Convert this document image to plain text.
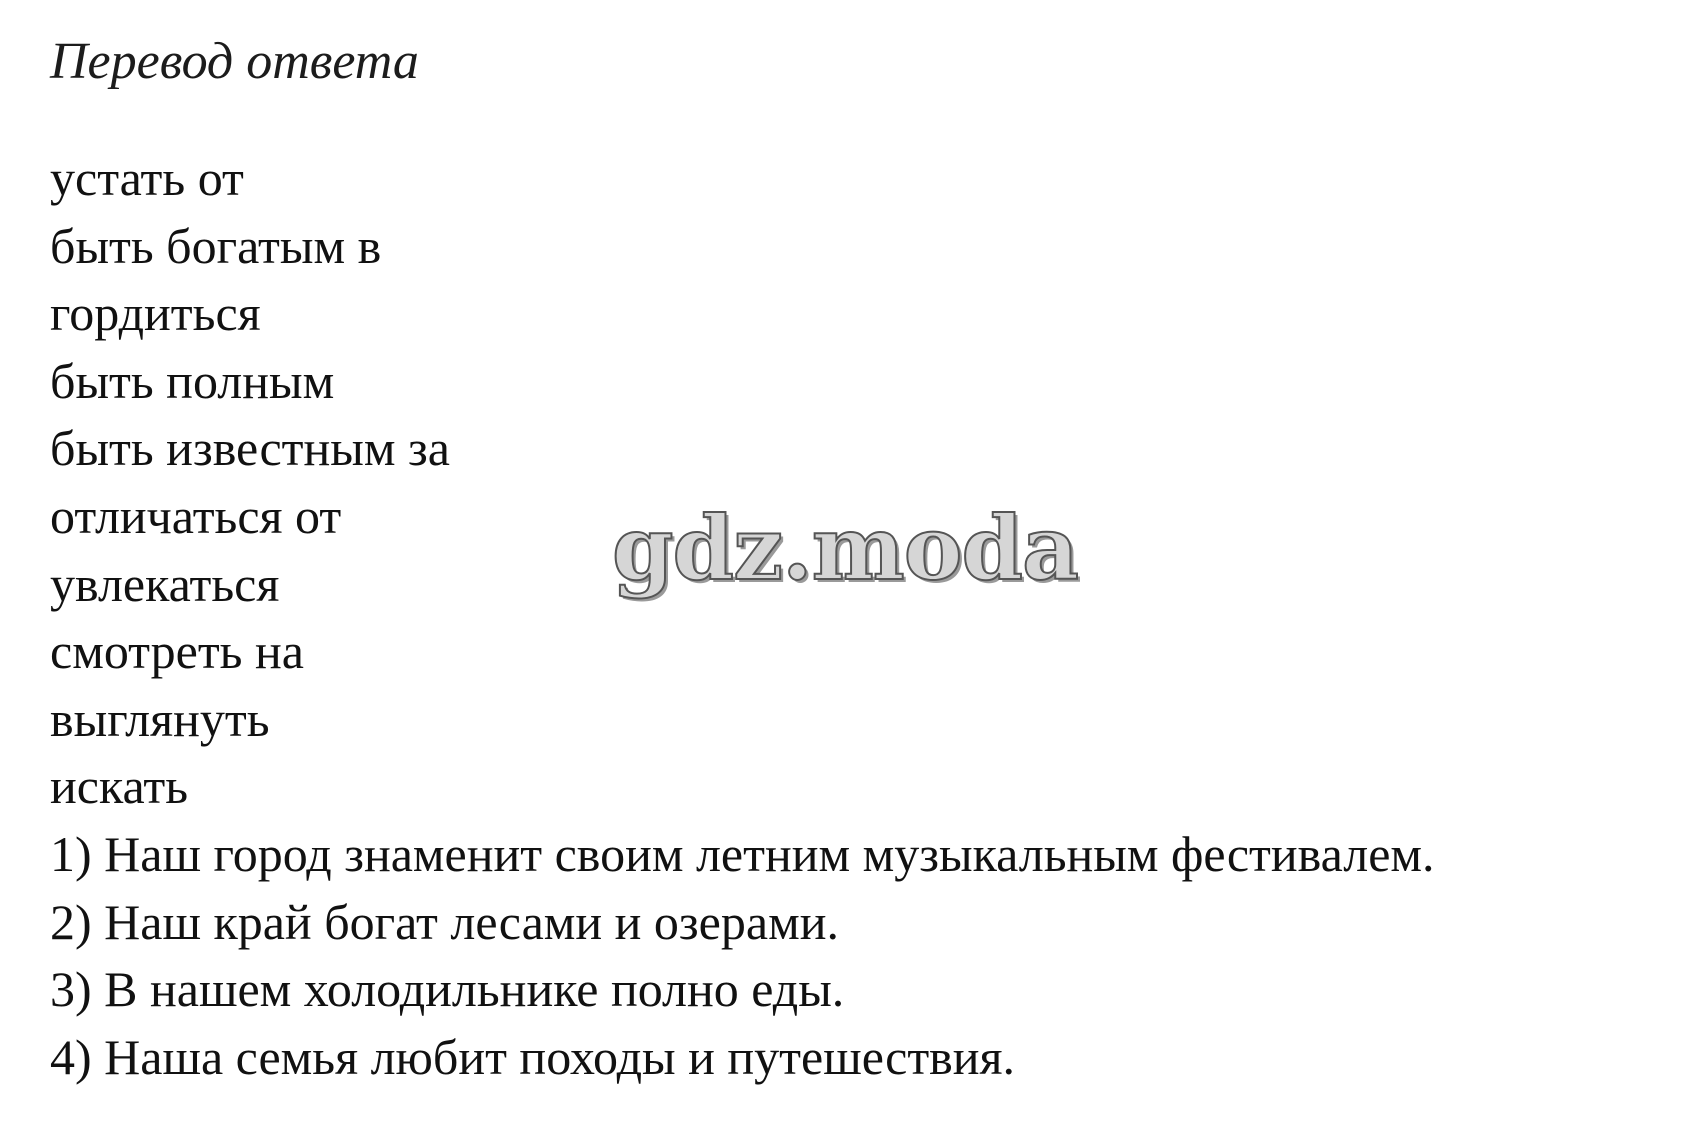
Перевод ответа
устать от
быть богатым в
гордиться
быть полным
быть известным за
отличаться от
увлекаться
смотреть на
выглянуть
искать
1) Наш город знаменит своим летним музыкальным фестивалем.
2) Наш край богат лесами и озерами.
3) В нашем холодильнике полно еды.
4) Наша семья любит походы и путешествия.
gdz.moda
